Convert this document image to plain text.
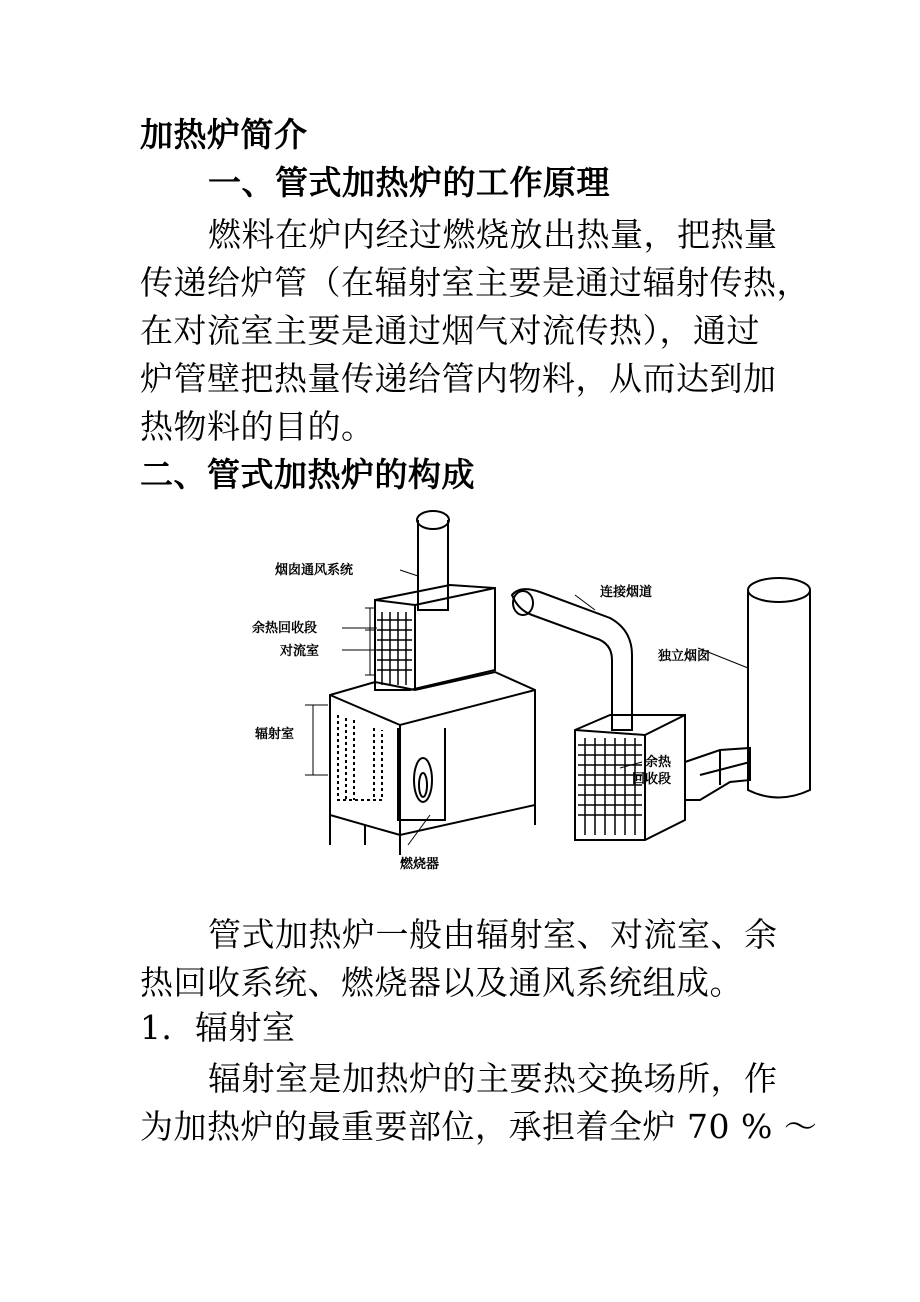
加热炉简介
一、管式加热炉的工作原理
燃料在炉内经过燃烧放出热量，把热量
传递给炉管（在辐射室主要是通过辐射传热，
在对流室主要是通过烟气对流传热），通过
炉管壁把热量传递给管内物料，从而达到加
热物料的目的。
二、管式加热炉的构成
烟囱通风系统
余热回收段
对流室
辐射室
燃烧器
连接烟道
独立烟囱
余热
回收段
管式加热炉一般由辐射室、对流室、余
热回收系统、燃烧器以及通风系统组成。
1．辐射室
辐射室是加热炉的主要热交换场所，作
为加热炉的最重要部位，承担着全炉 70 % ～
